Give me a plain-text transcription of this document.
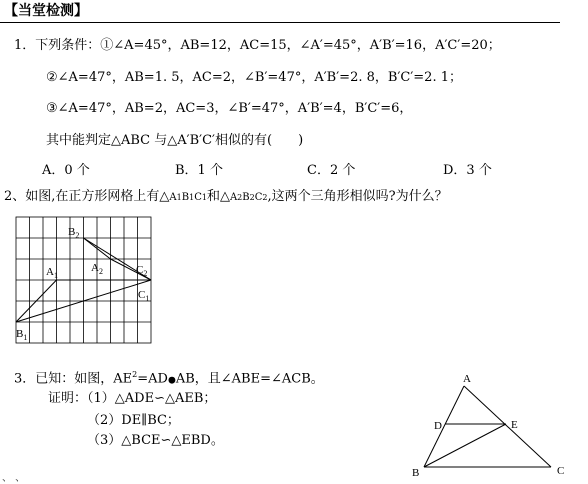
【当堂检测】
1．下列条件：①∠A=45°，AB=12，AC=15，∠A′=45°，A′B′=16，A′C′=20；
②∠A=47°，AB=1. 5，AC=2，∠B′=47°，A′B′=2. 8，B′C′=2. 1；
③∠A=47°，AB=2，AC=3，∠B′=47°，A′B′=4，B′C′=6，
其中能判定△ABC 与△A′B′C′相似的有(　　)
A．0 个	B．1 个	C．2 个	D．3 个
2、如图,在正方形网格上有△A1B1C1和△A2B2C2,这两个三角形相似吗?为什么？
$B_2$
$A_1$
$A_2$	$C_2$
$C_1$
$B_1$
3．已知：如图，$AE^2=AD●AB$，且∠ABE=∠ACB。
证明：（1）△ADE∽△AEB；
（2）DE∥BC；
（3）△BCE∽△EBD。
A
B	C
D	E
、 、
